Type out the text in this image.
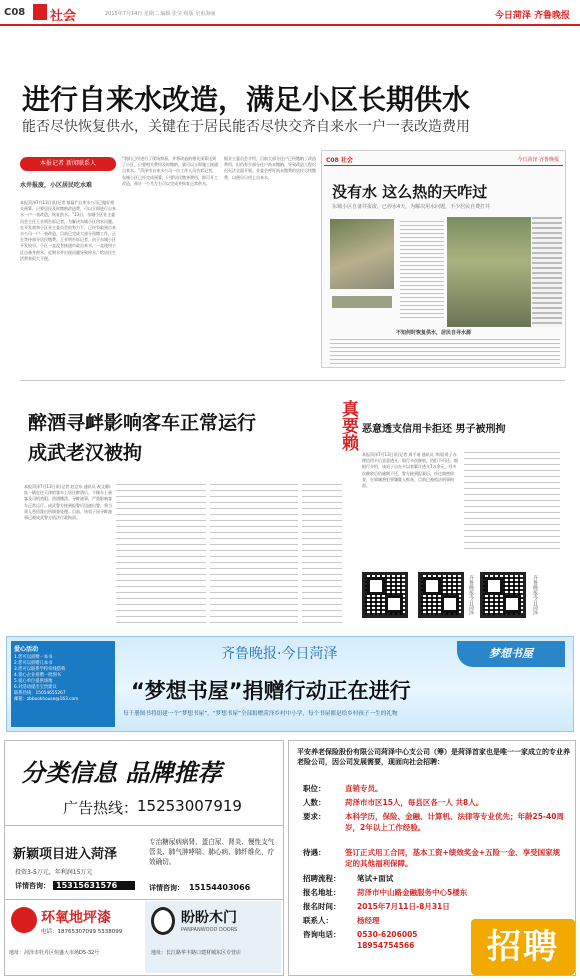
C08 社会	2015年7月14日 星期二 编辑 张莹 组版 皇甫海丽	今日菏泽 齐鲁晚报
进行自来水改造，满足小区长期供水
能否尽快恢复供水，关键在于居民能否尽快交齐自来水一户一表改造费用
本报记者 新闻联系人
水井报废，小区居民吃水难
本报菏泽7月13日讯(记者 郁磊)“自来水公司已做好相关预算，只要居民及时缴纳改造费，可以立即进行自来水一户一表改造，恢复供水。”13日，东城小区业主委员会主任王业明告诉记者，为解决东城小区用水问题，在开发商和小区业主委员会的努力下，已经争取到自来水公司一户一表改造，目前已完成大部分预缴工作，正在等待部分居民缴费。王业明告诉记者，由于东城小区开发较早，小区一直没有接通市政自来水，一直使用小区自备井供水，近期水井出现问题导致停水，给居民生活带来很大不便。
“我们已经进行了现场察看，并将改造的相关预算送到了小区，只要相关费用及时缴纳，就可以立即施工接通自来水。”菏泽市自来水公司一位工作人员告诉记者，东城小区已经完成预算，只要居民缴齐费用，即可开工改造，预计一个月左右可以完成并恢复正常供水。
据业主委员会介绍，目前大部分住户已经缴纳了改造费用，但仍有少部分住户尚未缴纳，导致改造工程迟迟无法全面开展。业委会呼吁尚未缴费的居民尽快缴费，以便早日用上自来水。
C08 社会	今日菏泽 齐鲁晚报
没有水 这么热的天咋过
东城小区自备井报废，已停水4天，为解决用水问题，不少居民自费打井
不知何时恢复供水，居民自寻水源
醉酒寻衅影响客车正常运行
成武老汉被拘
本报菏泽7月13日讯(记者 赵念东 通讯员 祝文静)连一辆在往天津的客车上居民醉酒后，不顾车上乘客及司机劝阻，借酒撒泼、寻衅滋事，严重影响客车正常运行。成武警方接到报警后迅速出警，将当事人带回派出所调查处理。目前，该男子因寻衅滋事已被成武警方依法行政拘留。
真要赖 恶意透支信用卡拒还 男子被刑拘
本报菏泽7月13日讯(记者 周千诸 通讯员 李闯)男子办理信用卡后恶意透支，银行多次催收，仍拒不归还。据银行介绍，该男子自办卡以来累计透支7万余元，经多次催收后仍逾期不还。警方接到报案后，经过缜密侦查，在郓城将犯罪嫌疑人抓获，目前已被依法刑事拘留。
齐鲁晚报今日菏泽	齐鲁晚报今日菏泽
爱心活动
1.您可以捐赠一本书
2.您可以捐赠几本书
3.您可以联系学校牵线搭桥
4.爱心企业捐赠一批图书
5.爱心单位提供场地
6.对活动提出宝贵建议
联系热线：15054655267
邮箱：zbbookhouse@163.com
齐鲁晚报·今日菏泽	梦想书屋
“梦想书屋”捐赠行动正在进行
每千册图书将组建一个“梦想书屋”，“梦想书屋”全部捐赠菏泽乡村中小学，每个书屋都是给乡村孩子一生的礼物
分类信息 品牌推荐
广告热线：
15253007919
新颖项目进入菏泽
投资3-5万元，年利润15万元
详情咨询： 15315631576
专治糖尿病病肾、蛋白尿、肾炎、慢性支气管炎、肺气肿哮喘、肺心病、肺纤维化，疗效确切。
详情咨询： 15154403066
环氧地坪漆
电话：18765307099 5338099
地址：菏泽市牡丹区恒盛大市场D5-32号
盼盼木门
PANPANWOOD DOORS
地址：长江路华丰路口建材城东区专营店
平安养老保险股份有限公司菏泽中心支公司（筹）是菏泽首家也是唯一一家成立的专业养老险公司，因公司发展需要，现面向社会招聘：
职位：	直销专员。
人数：	菏泽市市区15人，每县区各一人 共8人。
要求：	本科学历，保险、金融、计算机、法律等专业优先；年龄25-40周岁，2年以上工作经验。
待遇：	签订正式用工合同，基本工资+绩效奖金+五险一金、享受国家规定的其他福利保障。
招聘流程： 笔试+面试
报名地址： 菏泽市中山路金融服务中心5楼东
报名时间： 2015年7月11日-8月31日
联系人：	杨经理
咨询电话： 0530-6206005 18954754566	招聘
